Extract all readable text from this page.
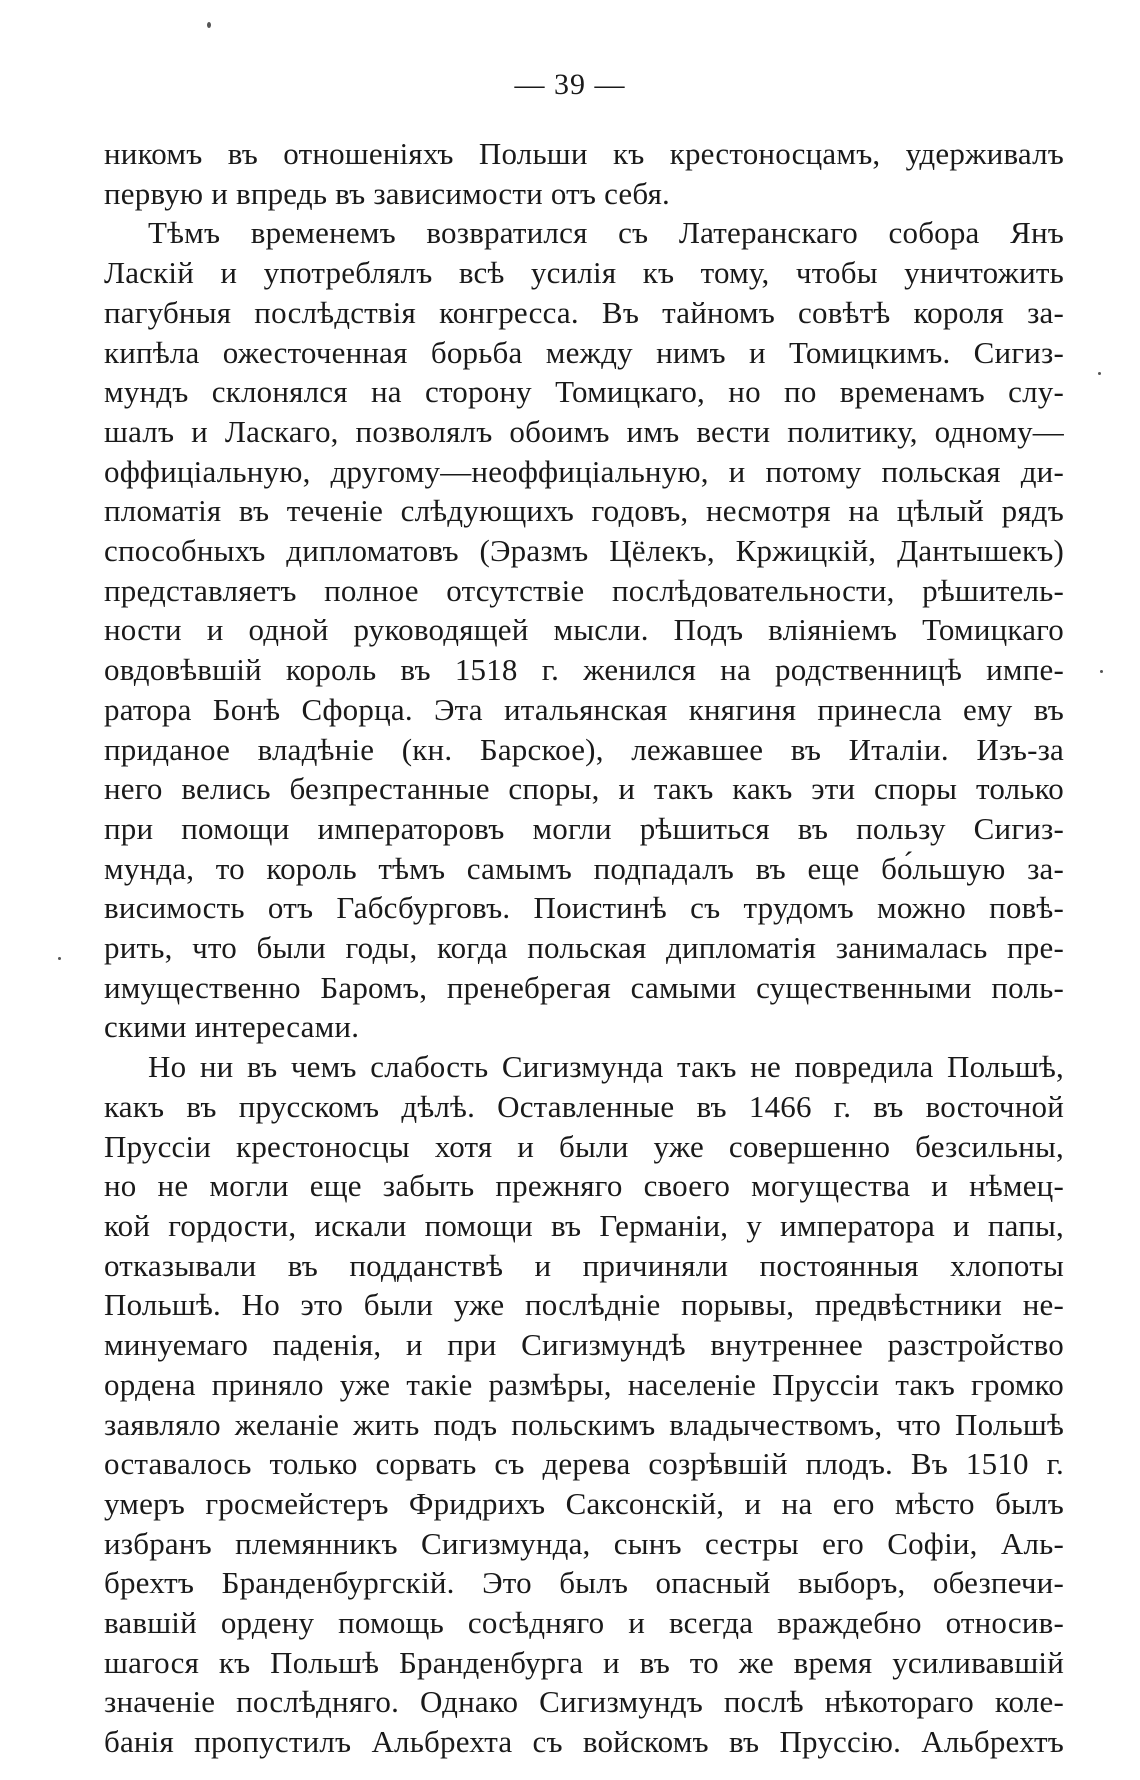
— 39 —
никомъ въ отношеніяхъ Польши къ крестоносцамъ, удерживалъ
первую и впредь въ зависимости отъ себя.
Тѣмъ временемъ возвратился съ Латеранскаго собора Янъ
Ласкій и употреблялъ всѣ усилія къ тому, чтобы уничтожить
пагубныя послѣдствія конгресса. Въ тайномъ совѣтѣ короля за-
кипѣла ожесточенная борьба между нимъ и Томицкимъ. Сигиз-
мундъ склонялся на сторону Томицкаго, но по временамъ слу-
шалъ и Ласкаго, позволялъ обоимъ имъ вести политику, одному—
оффиціальную, другому—неоффиціальную, и потому польская ди-
пломатія въ теченіе слѣдующихъ годовъ, несмотря на цѣлый рядъ
способныхъ дипломатовъ (Эразмъ Цёлекъ, Кржицкій, Дантышекъ)
представляетъ полное отсутствіе послѣдовательности, рѣшитель-
ности и одной руководящей мысли. Подъ вліяніемъ Томицкаго
овдовѣвшій король въ 1518 г. женился на родственницѣ импе-
ратора Бонѣ Сфорца. Эта итальянская княгиня принесла ему въ
приданое владѣніе (кн. Барское), лежавшее въ Италіи. Изъ-за
него велись безпрестанные споры, и такъ какъ эти споры только
при помощи императоровъ могли рѣшиться въ пользу Сигиз-
мунда, то король тѣмъ самымъ подпадалъ въ еще бо́льшую за-
висимость отъ Габсбурговъ. Поистинѣ съ трудомъ можно повѣ-
рить, что были годы, когда польская дипломатія занималась пре-
имущественно Баромъ, пренебрегая самыми существенными поль-
скими интересами.
Но ни въ чемъ слабость Сигизмунда такъ не повредила Польшѣ,
какъ въ прусскомъ дѣлѣ. Оставленные въ 1466 г. въ восточной
Пруссіи крестоносцы хотя и были уже совершенно безсильны,
но не могли еще забыть прежняго своего могущества и нѣмец-
кой гордости, искали помощи въ Германіи, у императора и папы,
отказывали въ подданствѣ и причиняли постоянныя хлопоты
Польшѣ. Но это были уже послѣдніе порывы, предвѣстники не-
минуемаго паденія, и при Сигизмундѣ внутреннее разстройство
ордена приняло уже такіе размѣры, населеніе Пруссіи такъ громко
заявляло желаніе жить подъ польскимъ владычествомъ, что Польшѣ
оставалось только сорвать съ дерева созрѣвшій плодъ. Въ 1510 г.
умеръ гросмейстеръ Фридрихъ Саксонскій, и на его мѣсто былъ
избранъ племянникъ Сигизмунда, сынъ сестры его Софіи, Аль-
брехтъ Бранденбургскій. Это былъ опасный выборъ, обезпечи-
вавшій ордену помощь сосѣдняго и всегда враждебно относив-
шагося къ Польшѣ Бранденбурга и въ то же время усиливавшій
значеніе послѣдняго. Однако Сигизмундъ послѣ нѣкотораго коле-
банія пропустилъ Альбрехта съ войскомъ въ Пруссію. Альбрехтъ
